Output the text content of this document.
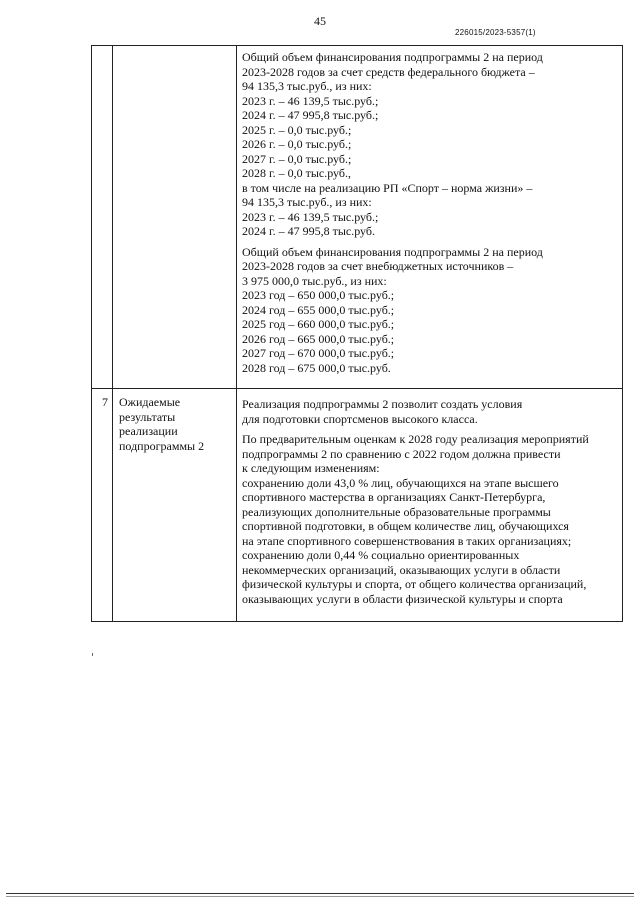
45
226015/2023-5357(1)
Общий объем финансирования подпрограммы 2 на период
2023-2028 годов за счет средств федерального бюджета –
94 135,3 тыс.руб., из них:
2023 г. – 46 139,5 тыс.руб.;
2024 г. – 47 995,8 тыс.руб.;
2025 г. – 0,0 тыс.руб.;
2026 г. – 0,0 тыс.руб.;
2027 г. – 0,0 тыс.руб.;
2028 г. – 0,0 тыс.руб.,
в том числе на реализацию РП «Спорт – норма жизни» –
94 135,3 тыс.руб., из них:
2023 г. – 46 139,5 тыс.руб.;
2024 г. – 47 995,8 тыс.руб.
Общий объем финансирования подпрограммы 2 на период
2023-2028 годов за счет внебюджетных источников –
3 975 000,0 тыс.руб., из них:
2023 год – 650 000,0 тыс.руб.;
2024 год – 655 000,0 тыс.руб.;
2025 год – 660 000,0 тыс.руб.;
2026 год – 665 000,0 тыс.руб.;
2027 год – 670 000,0 тыс.руб.;
2028 год – 675 000,0 тыс.руб.
7 Ожидаемые
результаты
реализации
подпрограммы 2
Реализация подпрограммы 2 позволит создать условия
для подготовки спортсменов высокого класса.
По предварительным оценкам к 2028 году реализация мероприятий
подпрограммы 2 по сравнению с 2022 годом должна привести
к следующим изменениям:
сохранению доли 43,0 % лиц, обучающихся на этапе высшего
спортивного мастерства в организациях Санкт-Петербурга,
реализующих дополнительные образовательные программы
спортивной подготовки, в общем количестве лиц, обучающихся
на этапе спортивного совершенствования в таких организациях;
сохранению доли 0,44 % социально ориентированных
некоммерческих организаций, оказывающих услуги в области
физической культуры и спорта, от общего количества организаций,
оказывающих услуги в области физической культуры и спорта
